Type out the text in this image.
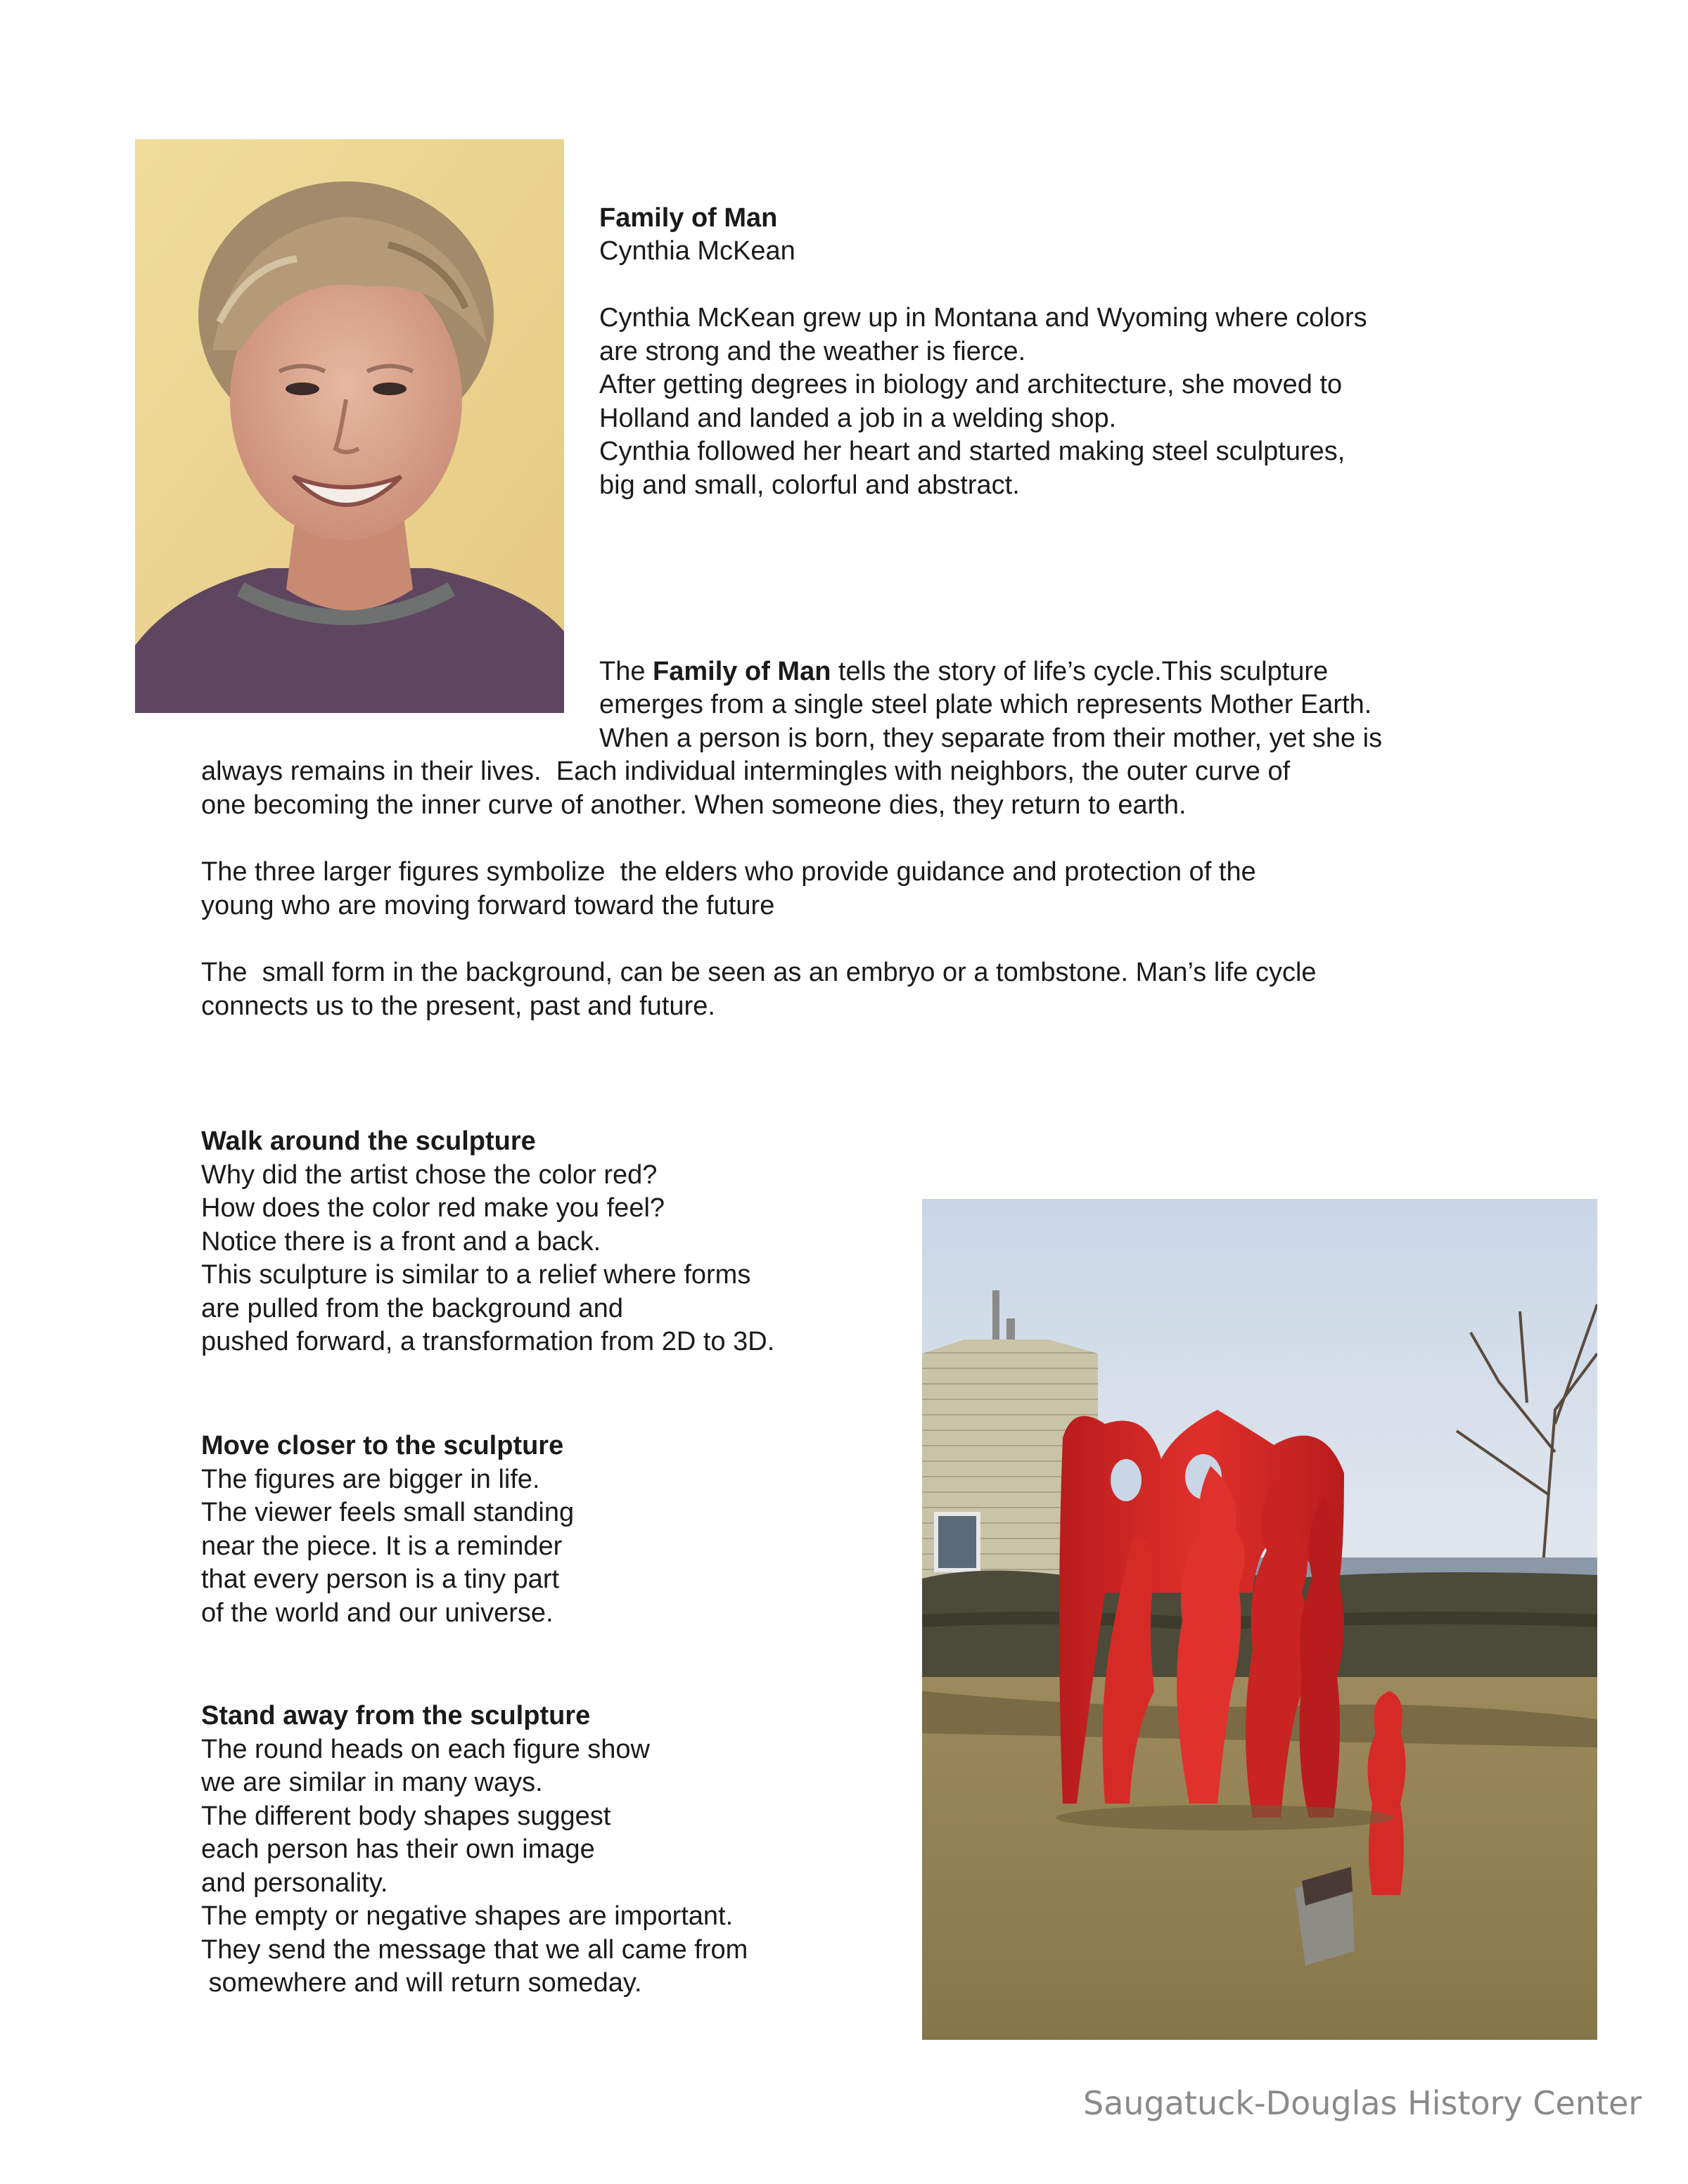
Family of Man
Cynthia McKean
Cynthia McKean grew up in Montana and Wyoming where colors
are strong and the weather is fierce.
After getting degrees in biology and architecture, she moved to
Holland and landed a job in a welding shop.
Cynthia followed her heart and started making steel sculptures,
big and small, colorful and abstract.
The Family of Man tells the story of life’s cycle.This sculpture
emerges from a single steel plate which represents Mother Earth.
When a person is born, they separate from their mother, yet she is
always remains in their lives.  Each individual intermingles with neighbors, the outer curve of
one becoming the inner curve of another. When someone dies, they return to earth.
The three larger figures symbolize  the elders who provide guidance and protection of the
young who are moving forward toward the future
The  small form in the background, can be seen as an embryo or a tombstone. Man’s life cycle
connects us to the present, past and future.
Walk around the sculpture
Why did the artist chose the color red?
How does the color red make you feel?
Notice there is a front and a back.
This sculpture is similar to a relief where forms
are pulled from the background and
pushed forward, a transformation from 2D to 3D.
Move closer to the sculpture
The figures are bigger in life.
The viewer feels small standing
near the piece. It is a reminder
that every person is a tiny part
of the world and our universe.
Stand away from the sculpture
The round heads on each figure show
we are similar in many ways.
The different body shapes suggest
each person has their own image
and personality.
The empty or negative shapes are important.
They send the message that we all came from
somewhere and will return someday.
Saugatuck-Douglas History Center
